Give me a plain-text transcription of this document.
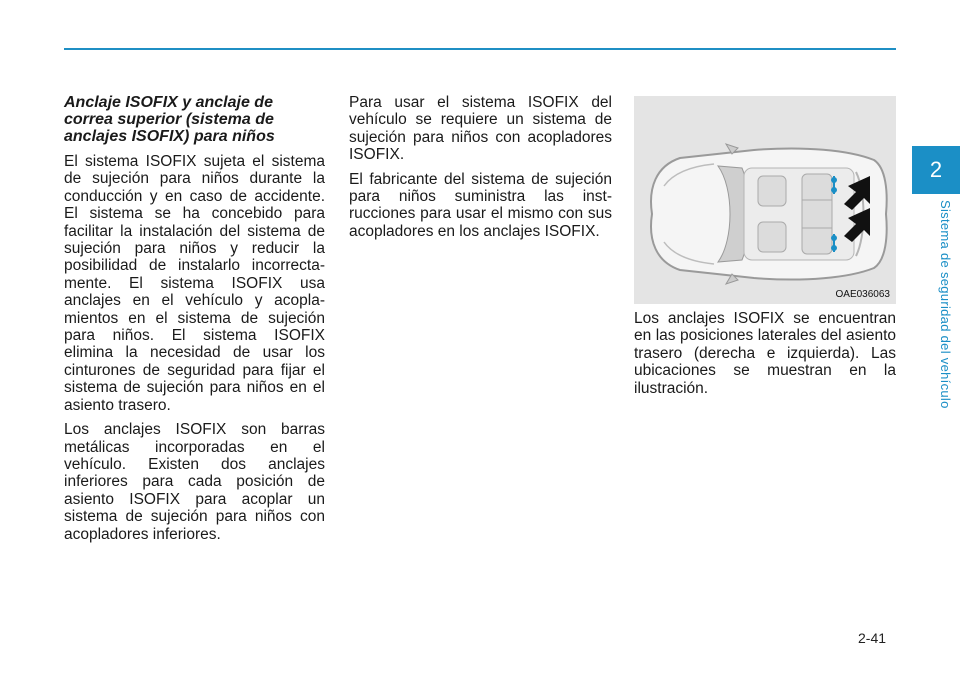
2
Sistema de seguridad del vehículo
Anclaje ISOFIX y anclaje de correa superior (sistema de anclajes ISOFIX) para niños

El sistema ISOFIX sujeta el sistema de sujeción para niños durante la conducción y en caso de accidente. El sistema se ha concebido para facilitar la instalación del sistema de sujeción para niños y reducir la posibilidad de instalarlo incorrecta-mente. El sistema ISOFIX usa anclajes en el vehículo y acopla-mientos en el sistema de sujeción para niños. El sistema ISOFIX elimina la necesidad de usar los cinturones de seguridad para fijar el sistema de sujeción para niños en el asiento trasero.

Los anclajes ISOFIX son barras metálicas incorporadas en el vehículo. Existen dos anclajes inferiores para cada posición de asiento ISOFIX para acoplar un sistema de sujeción para niños con acopladores inferiores.

Para usar el sistema ISOFIX del vehículo se requiere un sistema de sujeción para niños con acopladores ISOFIX.

El fabricante del sistema de sujeción para niños suministra las inst-rucciones para usar el mismo con sus acopladores en los anclajes ISOFIX.

OAE036063

Los anclajes ISOFIX se encuentran en las posiciones laterales del asiento trasero (derecha e izquierda). Las ubicaciones se muestran en la ilustración.

2-41
